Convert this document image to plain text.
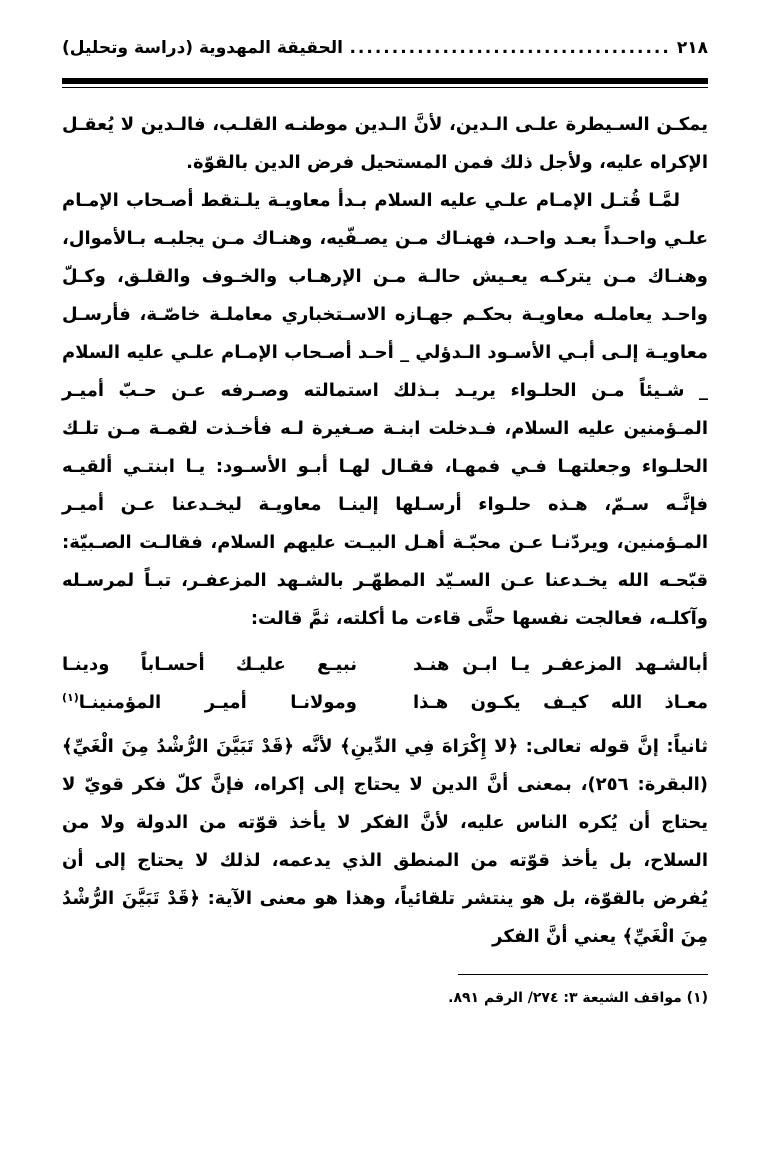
٢١٨
.....
الحقيقة المهدوية (دراسة وتحليل)

يمكـن السـيطرة علـى الـدين، لأنَّ الـدين موطنـه القلـب، فالـدين لا يُعقـل الإكراه عليه، ولأجل ذلك فمن المستحيل فرض الدين بالقوّة.

لمَّـا قُتـل الإمـام علـي عليه السلام بـدأ معاويـة يلـتقط أصـحاب الإمـام علـي واحـداً بعـد واحـد، فهنـاك مـن يصـفّيه، وهنـاك مـن يجلبـه بـالأموال، وهنـاك مـن يتركـه يعـيش حالـة مـن الإرهـاب والخـوف والقلـق، وكـلّ واحـد يعاملـه معاويـة بحكـم جهـازه الاسـتخباري معاملـة خاصّـة، فأرسـل معاويـة إلـى أبـي الأسـود الـدؤلي _ أحـد أصـحاب الإمـام علـي عليه السلام _ شـيئاً مـن الحلـواء يريـد بـذلك استمالته وصـرفه عـن حـبّ أميـر المـؤمنين عليه السلام، فـدخلت ابنـة صـغيرة لـه فأخـذت لقمـة مـن تلـك الحلـواء وجعلتهـا فـي فمهـا، فقـال لهـا أبـو الأسـود: يـا ابنتـي ألقيـه فإنَّـه سـمّ، هـذه حلـواء أرسـلها إلينـا معاويـة ليخـدعنا عـن أميـر المـؤمنين، ويردّنـا عـن محبّـة أهـل البيـت عليهم السلام، فقالـت الصـبيّة: قبّحـه الله يخـدعنا عـن السـيّد المطهّـر بالشـهد المزعفـر، تبـاً لمرسـله وآكلـه، فعالجت نفسها حتَّى قاءت ما أكلته، ثمَّ قالت:

أبالشـهد المزعفـر يـا ابـن هنـد
نبيـع عليـك أحسـاباً ودينـا
معـاذ الله كيـف يكـون هـذا
ومولانـا أميـر المؤمنينـا$^{(١)}$

ثانياً: إنَّ قوله تعالى: ﴿لا إِكْرَاهَ فِي الدِّينِ﴾ لأنَّه ﴿قَدْ تَبَيَّنَ الرُّشْدُ مِنَ الْغَيِّ﴾ (البقرة: ٢٥٦)، بمعنى أنَّ الدين لا يحتاج إلى إكراه، فإنَّ كلّ فكر قويّ لا يحتاج أن يُكره الناس عليه، لأنَّ الفكر لا يأخذ قوّته من الدولة ولا من السلاح، بل يأخذ قوّته من المنطق الذي يدعمه، لذلك لا يحتاج إلى أن يُفرض بالقوّة، بل هو ينتشر تلقائياً، وهذا هو معنى الآية: ﴿قَدْ تَبَيَّنَ الرُّشْدُ مِنَ الْغَيِّ﴾ يعني أنَّ الفكر

(١) مواقف الشيعة ٣: ٢٧٤/ الرقم ٨٩١.
